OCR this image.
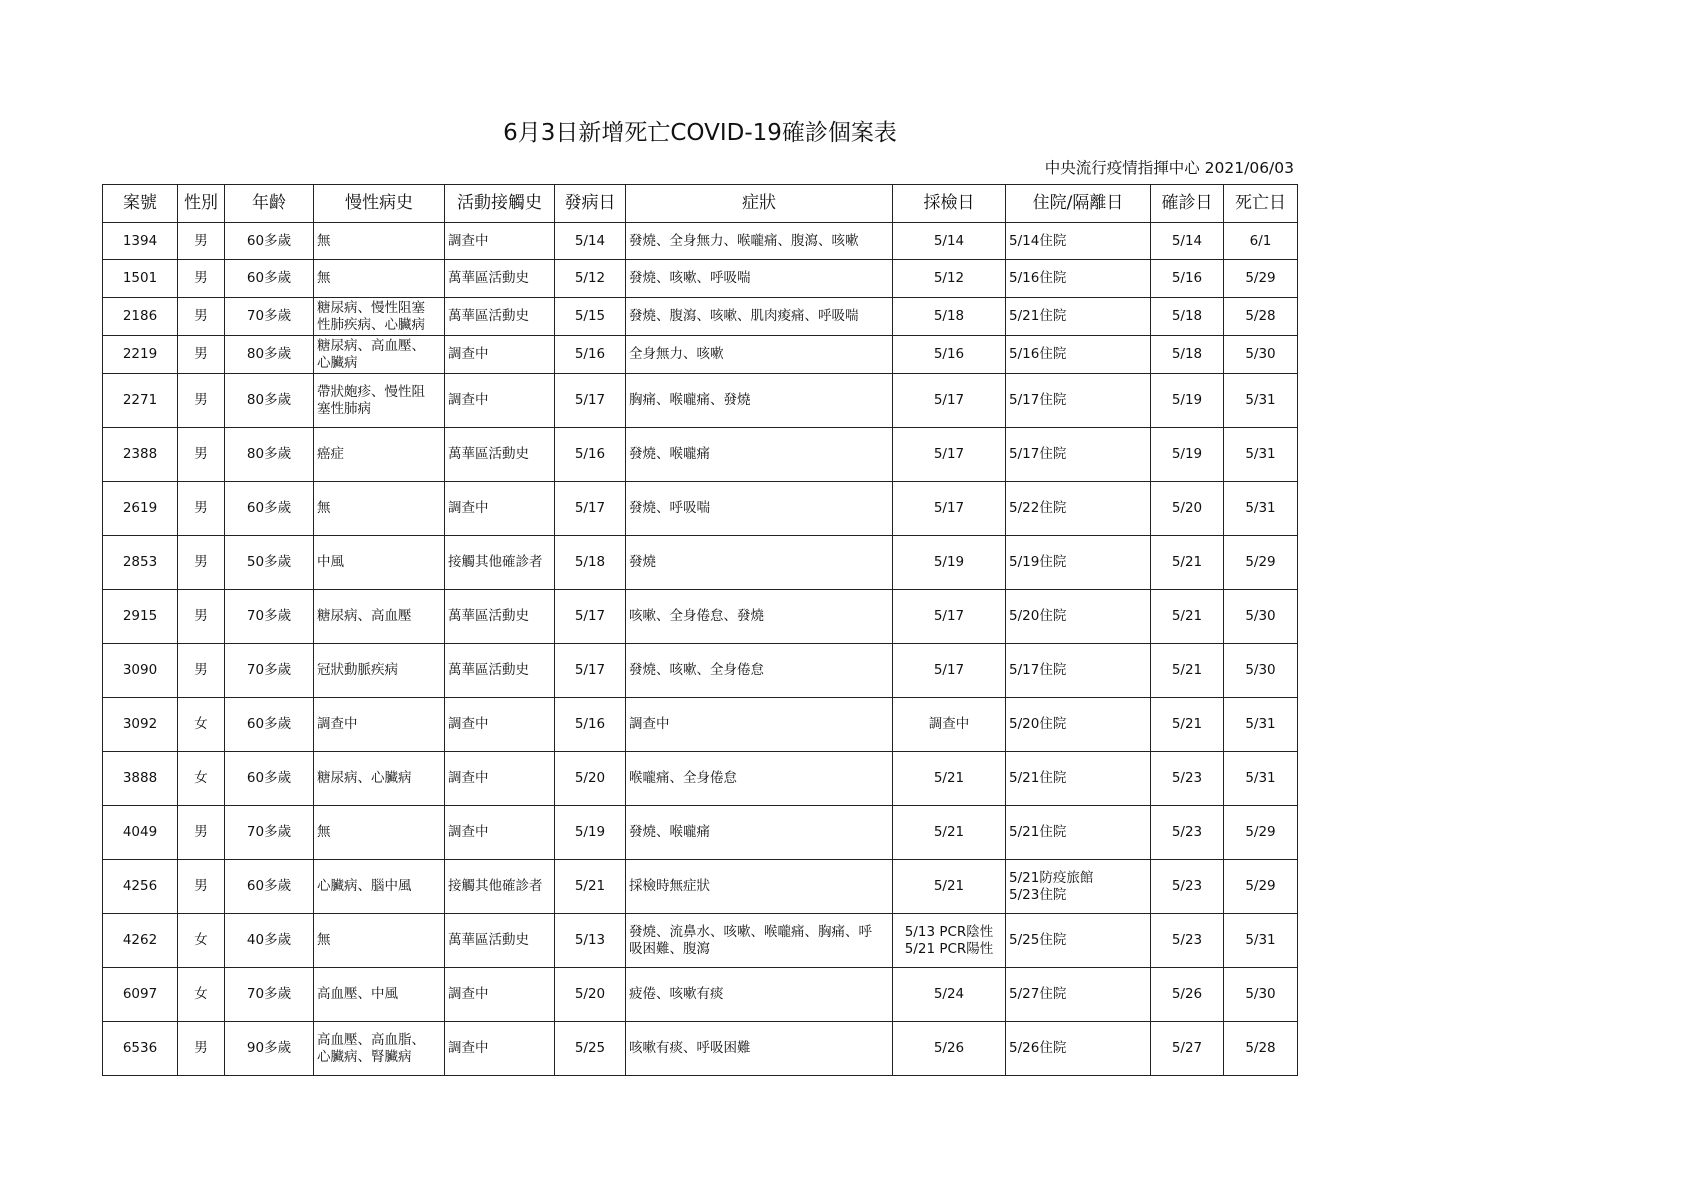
6月3日新增死亡COVID-19確診個案表
中央流行疫情指揮中心 2021/06/03
案號	性別	年齡	慢性病史	活動接觸史	發病日	症狀	採檢日	住院/隔離日	確診日	死亡日
1394	男	60多歲	無	調查中	5/14	發燒、全身無力、喉嚨痛、腹瀉、咳嗽	5/14	5/14住院	5/14	6/1
1501	男	60多歲	無	萬華區活動史	5/12	發燒、咳嗽、呼吸喘	5/12	5/16住院	5/16	5/29
2186	男	70多歲	糖尿病、慢性阻塞
性肺疾病、心臟病	萬華區活動史	5/15	發燒、腹瀉、咳嗽、肌肉痠痛、呼吸喘	5/18	5/21住院	5/18	5/28
2219	男	80多歲	糖尿病、高血壓、
心臟病	調查中	5/16	全身無力、咳嗽	5/16	5/16住院	5/18	5/30
2271	男	80多歲	帶狀皰疹、慢性阻
塞性肺病	調查中	5/17	胸痛、喉嚨痛、發燒	5/17	5/17住院	5/19	5/31
2388	男	80多歲	癌症	萬華區活動史	5/16	發燒、喉嚨痛	5/17	5/17住院	5/19	5/31
2619	男	60多歲	無	調查中	5/17	發燒、呼吸喘	5/17	5/22住院	5/20	5/31
2853	男	50多歲	中風	接觸其他確診者	5/18	發燒	5/19	5/19住院	5/21	5/29
2915	男	70多歲	糖尿病、高血壓	萬華區活動史	5/17	咳嗽、全身倦怠、發燒	5/17	5/20住院	5/21	5/30
3090	男	70多歲	冠狀動脈疾病	萬華區活動史	5/17	發燒、咳嗽、全身倦怠	5/17	5/17住院	5/21	5/30
3092	女	60多歲	調查中	調查中	5/16	調查中	調查中	5/20住院	5/21	5/31
3888	女	60多歲	糖尿病、心臟病	調查中	5/20	喉嚨痛、全身倦怠	5/21	5/21住院	5/23	5/31
4049	男	70多歲	無	調查中	5/19	發燒、喉嚨痛	5/21	5/21住院	5/23	5/29
4256	男	60多歲	心臟病、腦中風	接觸其他確診者	5/21	採檢時無症狀	5/21	5/21防疫旅館
5/23住院	5/23	5/29
4262	女	40多歲	無	萬華區活動史	5/13	發燒、流鼻水、咳嗽、喉嚨痛、胸痛、呼
吸困難、腹瀉	5/13 PCR陰性
5/21 PCR陽性	5/25住院	5/23	5/31
6097	女	70多歲	高血壓、中風	調查中	5/20	疲倦、咳嗽有痰	5/24	5/27住院	5/26	5/30
6536	男	90多歲	高血壓、高血脂、
心臟病、腎臟病	調查中	5/25	咳嗽有痰、呼吸困難	5/26	5/26住院	5/27	5/28
